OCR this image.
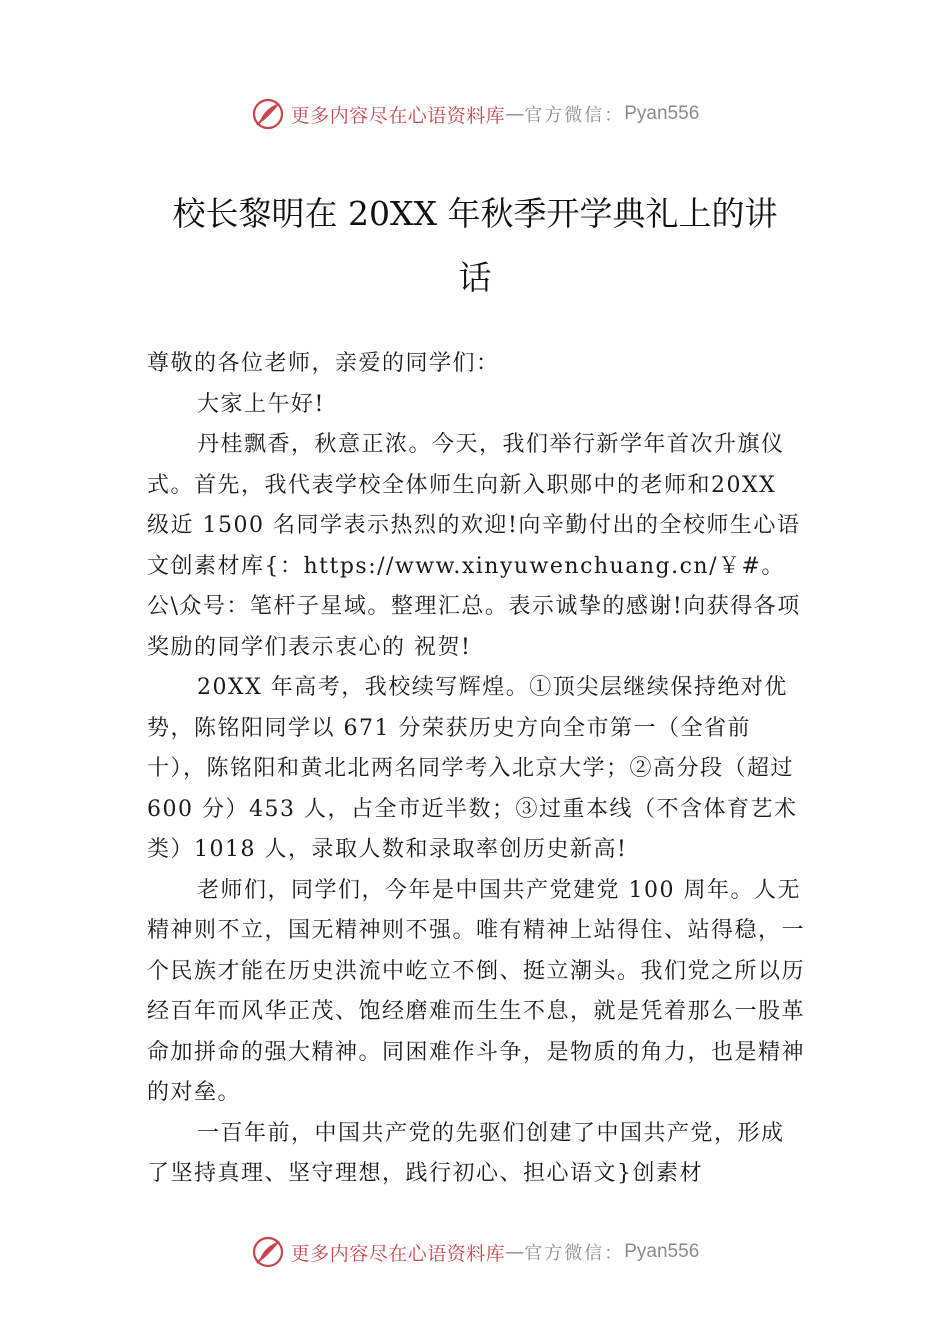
更多内容尽在心语资料库 — 官方微信： Pyan556
校长黎明在 20XX 年秋季开学典礼上的讲
话

尊敬的各位老师，亲爱的同学们：

大家上午好!

丹桂飘香，秋意正浓。今天，我们举行新学年首次升旗仪式。首先，我代表学校全体师生向新入职郧中的老师和20XX 级近 1500 名同学表示热烈的欢迎!向辛勤付出的全校师生心语文创素材库{：https://www.xinyuwenchuang.cn/￥#。公\众号：笔杆子星域。整理汇总。表示诚挚的感谢!向获得各项奖励的同学们表示衷心的 祝贺!

20XX 年高考，我校续写辉煌。①顶尖层继续保持绝对优势，陈铭阳同学以 671 分荣获历史方向全市第一（全省前十），陈铭阳和黄北北两名同学考入北京大学；②高分段（超过 600 分）453 人，占全市近半数；③过重本线（不含体育艺术类）1018 人，录取人数和录取率创历史新高!

老师们，同学们，今年是中国共产党建党 100 周年。人无精神则不立，国无精神则不强。唯有精神上站得住、站得稳，一个民族才能在历史洪流中屹立不倒、挺立潮头。我们党之所以历经百年而风华正茂、饱经磨难而生生不息，就是凭着那么一股革命加拼命的强大精神。同困难作斗争，是物质的角力，也是精神的对垒。

一百年前，中国共产党的先驱们创建了中国共产党，形成了坚持真理、坚守理想，践行初心、担心语文}创素材

更多内容尽在心语资料库 — 官方微信： Pyan556
